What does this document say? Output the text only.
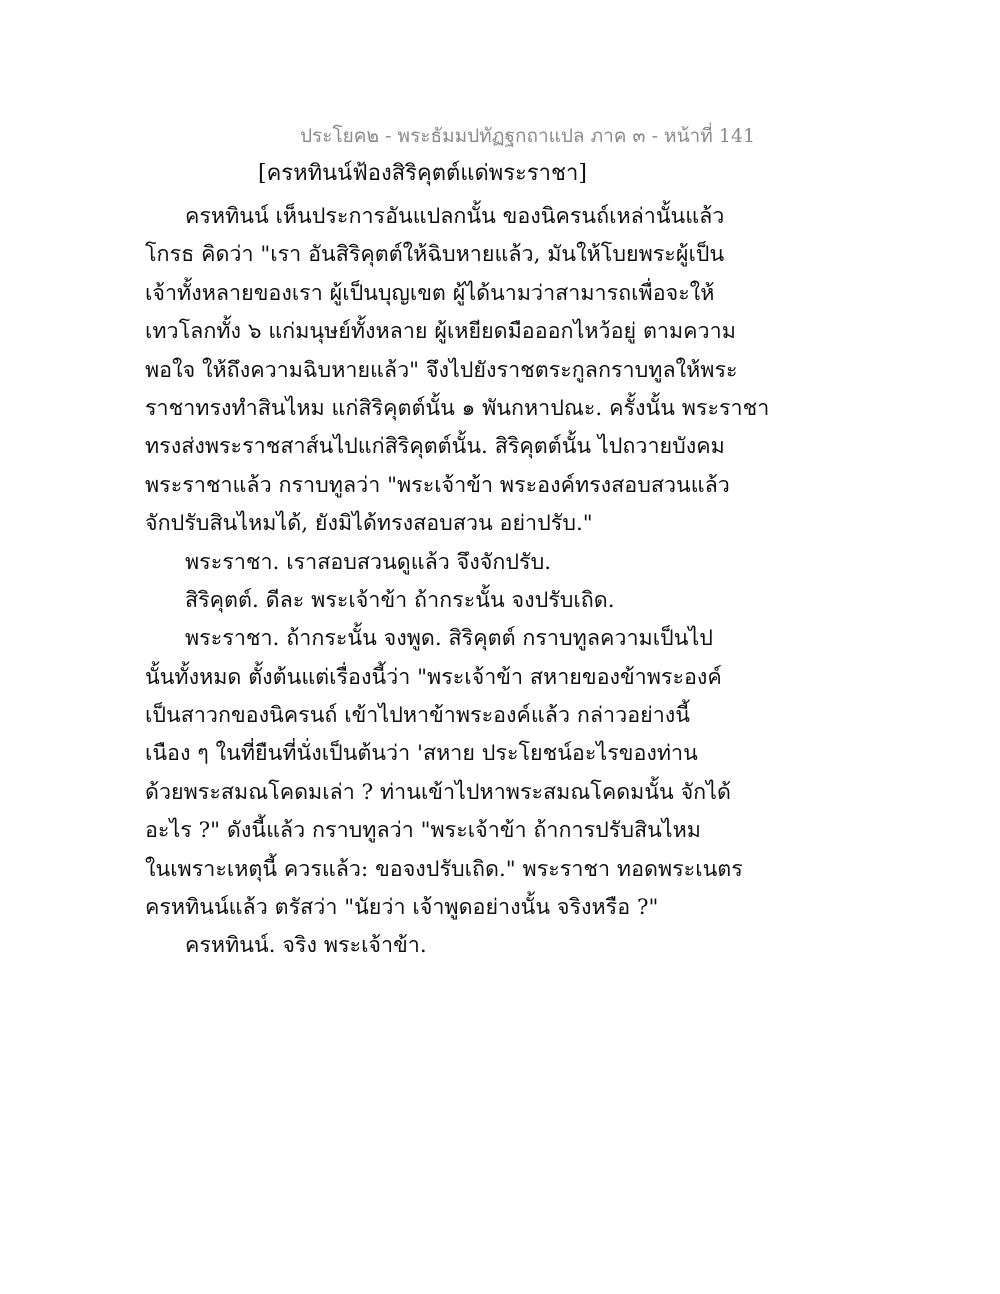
ประโยค๒ - พระธัมมปทัฏฐกถาแปล ภาค ๓ - หน้าที่ 141
[ครหทินน์ฟ้องสิริคุตต์แด่พระราชา]
ครหทินน์ เห็นประการอันแปลกนั้น ของนิครนถ์เหล่านั้นแล้ว
โกรธ คิดว่า "เรา อันสิริคุตต์ให้ฉิบหายแล้ว, มันให้โบยพระผู้เป็น
เจ้าทั้งหลายของเรา ผู้เป็นบุญเขต ผู้ได้นามว่าสามารถเพื่อจะให้
เทวโลกทั้ง ๖ แก่มนุษย์ทั้งหลาย ผู้เหยียดมือออกไหว้อยู่ ตามความ
พอใจ ให้ถึงความฉิบหายแล้ว" จึงไปยังราชตระกูลกราบทูลให้พระ
ราชาทรงทำสินไหม แก่สิริคุตต์นั้น ๑ พันกหาปณะ. ครั้งนั้น พระราชา
ทรงส่งพระราชสาส์นไปแก่สิริคุตต์นั้น. สิริคุตต์นั้น ไปถวายบังคม
พระราชาแล้ว กราบทูลว่า "พระเจ้าข้า พระองค์ทรงสอบสวนแล้ว
จักปรับสินไหมได้, ยังมิได้ทรงสอบสวน อย่าปรับ."
พระราชา. เราสอบสวนดูแล้ว จึงจักปรับ.
สิริคุตต์. ดีละ พระเจ้าข้า ถ้ากระนั้น จงปรับเถิด.
พระราชา. ถ้ากระนั้น จงพูด. สิริคุตต์ กราบทูลความเป็นไป
นั้นทั้งหมด ตั้งต้นแต่เรื่องนี้ว่า "พระเจ้าข้า สหายของข้าพระองค์
เป็นสาวกของนิครนถ์ เข้าไปหาข้าพระองค์แล้ว กล่าวอย่างนี้
เนือง ๆ ในที่ยืนที่นั่งเป็นต้นว่า 'สหาย ประโยชน์อะไรของท่าน
ด้วยพระสมณโคดมเล่า ? ท่านเข้าไปหาพระสมณโคดมนั้น จักได้
อะไร ?" ดังนี้แล้ว กราบทูลว่า "พระเจ้าข้า ถ้าการปรับสินไหม
ในเพราะเหตุนี้ ควรแล้ว: ขอจงปรับเถิด." พระราชา ทอดพระเนตร
ครหทินน์แล้ว ตรัสว่า "นัยว่า เจ้าพูดอย่างนั้น จริงหรือ ?"
ครหทินน์. จริง พระเจ้าข้า.
